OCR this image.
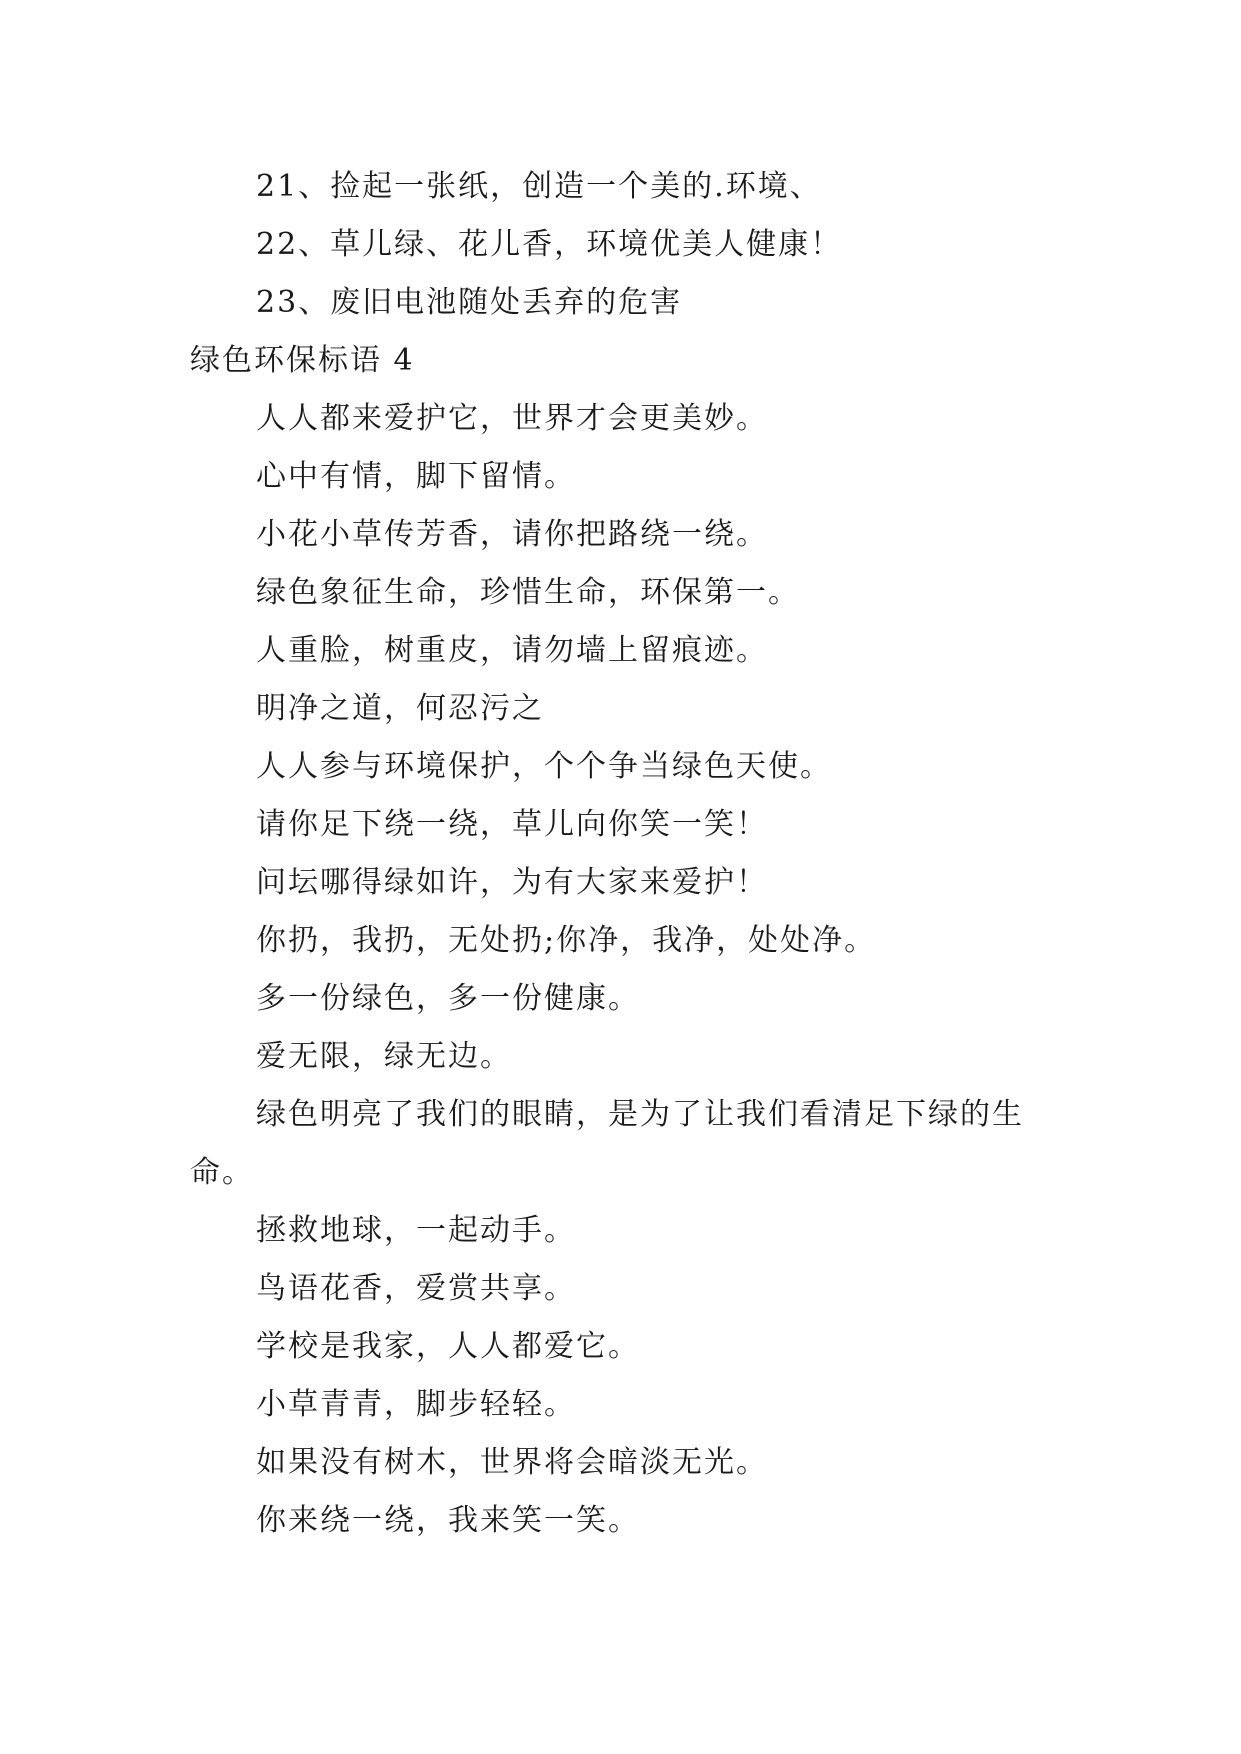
21、捡起一张纸，创造一个美的.环境、
22、草儿绿、花儿香，环境优美人健康！
23、废旧电池随处丢弃的危害
绿色环保标语 4
人人都来爱护它，世界才会更美妙。
心中有情，脚下留情。
小花小草传芳香，请你把路绕一绕。
绿色象征生命，珍惜生命，环保第一。
人重脸，树重皮，请勿墙上留痕迹。
明净之道，何忍污之
人人参与环境保护，个个争当绿色天使。
请你足下绕一绕，草儿向你笑一笑！
问坛哪得绿如许，为有大家来爱护！
你扔，我扔，无处扔;你净，我净，处处净。
多一份绿色，多一份健康。
爱无限，绿无边。
绿色明亮了我们的眼睛，是为了让我们看清足下绿的生
命。
拯救地球，一起动手。
鸟语花香，爱赏共享。
学校是我家，人人都爱它。
小草青青，脚步轻轻。
如果没有树木，世界将会暗淡无光。
你来绕一绕，我来笑一笑。
